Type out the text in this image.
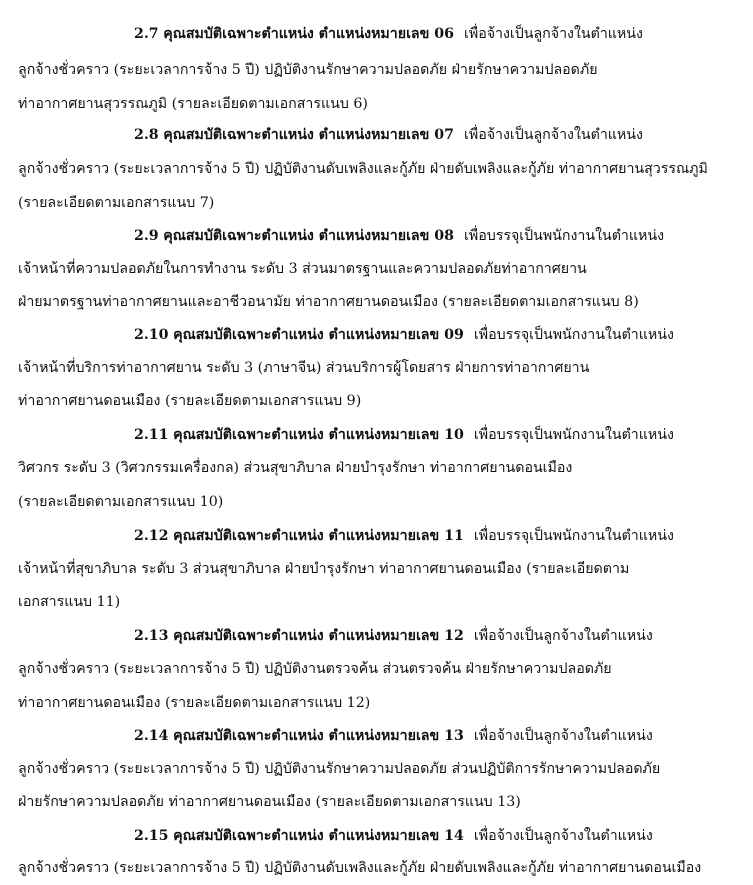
2.7 คุณสมบัติเฉพาะตำแหน่ง ตำแหน่งหมายเลข 06 เพื่อจ้างเป็นลูกจ้างในตำแหน่ง
ลูกจ้างชั่วคราว (ระยะเวลาการจ้าง 5 ปี) ปฏิบัติงานรักษาความปลอดภัย ฝ่ายรักษาความปลอดภัย
ท่าอากาศยานสุวรรณภูมิ (รายละเอียดตามเอกสารแนบ 6)
2.8 คุณสมบัติเฉพาะตำแหน่ง ตำแหน่งหมายเลข 07 เพื่อจ้างเป็นลูกจ้างในตำแหน่ง
ลูกจ้างชั่วคราว (ระยะเวลาการจ้าง 5 ปี) ปฏิบัติงานดับเพลิงและกู้ภัย ฝ่ายดับเพลิงและกู้ภัย ท่าอากาศยานสุวรรณภูมิ
(รายละเอียดตามเอกสารแนบ 7)
2.9 คุณสมบัติเฉพาะตำแหน่ง ตำแหน่งหมายเลข 08 เพื่อบรรจุเป็นพนักงานในตำแหน่ง
เจ้าหน้าที่ความปลอดภัยในการทำงาน ระดับ 3 ส่วนมาตรฐานและความปลอดภัยท่าอากาศยาน
ฝ่ายมาตรฐานท่าอากาศยานและอาชีวอนามัย ท่าอากาศยานดอนเมือง (รายละเอียดตามเอกสารแนบ 8)
2.10 คุณสมบัติเฉพาะตำแหน่ง ตำแหน่งหมายเลข 09 เพื่อบรรจุเป็นพนักงานในตำแหน่ง
เจ้าหน้าที่บริการท่าอากาศยาน ระดับ 3 (ภาษาจีน) ส่วนบริการผู้โดยสาร ฝ่ายการท่าอากาศยาน
ท่าอากาศยานดอนเมือง (รายละเอียดตามเอกสารแนบ 9)
2.11 คุณสมบัติเฉพาะตำแหน่ง ตำแหน่งหมายเลข 10 เพื่อบรรจุเป็นพนักงานในตำแหน่ง
วิศวกร ระดับ 3 (วิศวกรรมเครื่องกล) ส่วนสุขาภิบาล ฝ่ายบำรุงรักษา ท่าอากาศยานดอนเมือง
(รายละเอียดตามเอกสารแนบ 10)
2.12 คุณสมบัติเฉพาะตำแหน่ง ตำแหน่งหมายเลข 11 เพื่อบรรจุเป็นพนักงานในตำแหน่ง
เจ้าหน้าที่สุขาภิบาล ระดับ 3 ส่วนสุขาภิบาล ฝ่ายบำรุงรักษา ท่าอากาศยานดอนเมือง (รายละเอียดตาม
เอกสารแนบ 11)
2.13 คุณสมบัติเฉพาะตำแหน่ง ตำแหน่งหมายเลข 12 เพื่อจ้างเป็นลูกจ้างในตำแหน่ง
ลูกจ้างชั่วคราว (ระยะเวลาการจ้าง 5 ปี) ปฏิบัติงานตรวจค้น ส่วนตรวจค้น ฝ่ายรักษาความปลอดภัย
ท่าอากาศยานดอนเมือง (รายละเอียดตามเอกสารแนบ 12)
2.14 คุณสมบัติเฉพาะตำแหน่ง ตำแหน่งหมายเลข 13 เพื่อจ้างเป็นลูกจ้างในตำแหน่ง
ลูกจ้างชั่วคราว (ระยะเวลาการจ้าง 5 ปี) ปฏิบัติงานรักษาความปลอดภัย ส่วนปฏิบัติการรักษาความปลอดภัย
ฝ่ายรักษาความปลอดภัย ท่าอากาศยานดอนเมือง (รายละเอียดตามเอกสารแนบ 13)
2.15 คุณสมบัติเฉพาะตำแหน่ง ตำแหน่งหมายเลข 14 เพื่อจ้างเป็นลูกจ้างในตำแหน่ง
ลูกจ้างชั่วคราว (ระยะเวลาการจ้าง 5 ปี) ปฏิบัติงานดับเพลิงและกู้ภัย ฝ่ายดับเพลิงและกู้ภัย ท่าอากาศยานดอนเมือง
